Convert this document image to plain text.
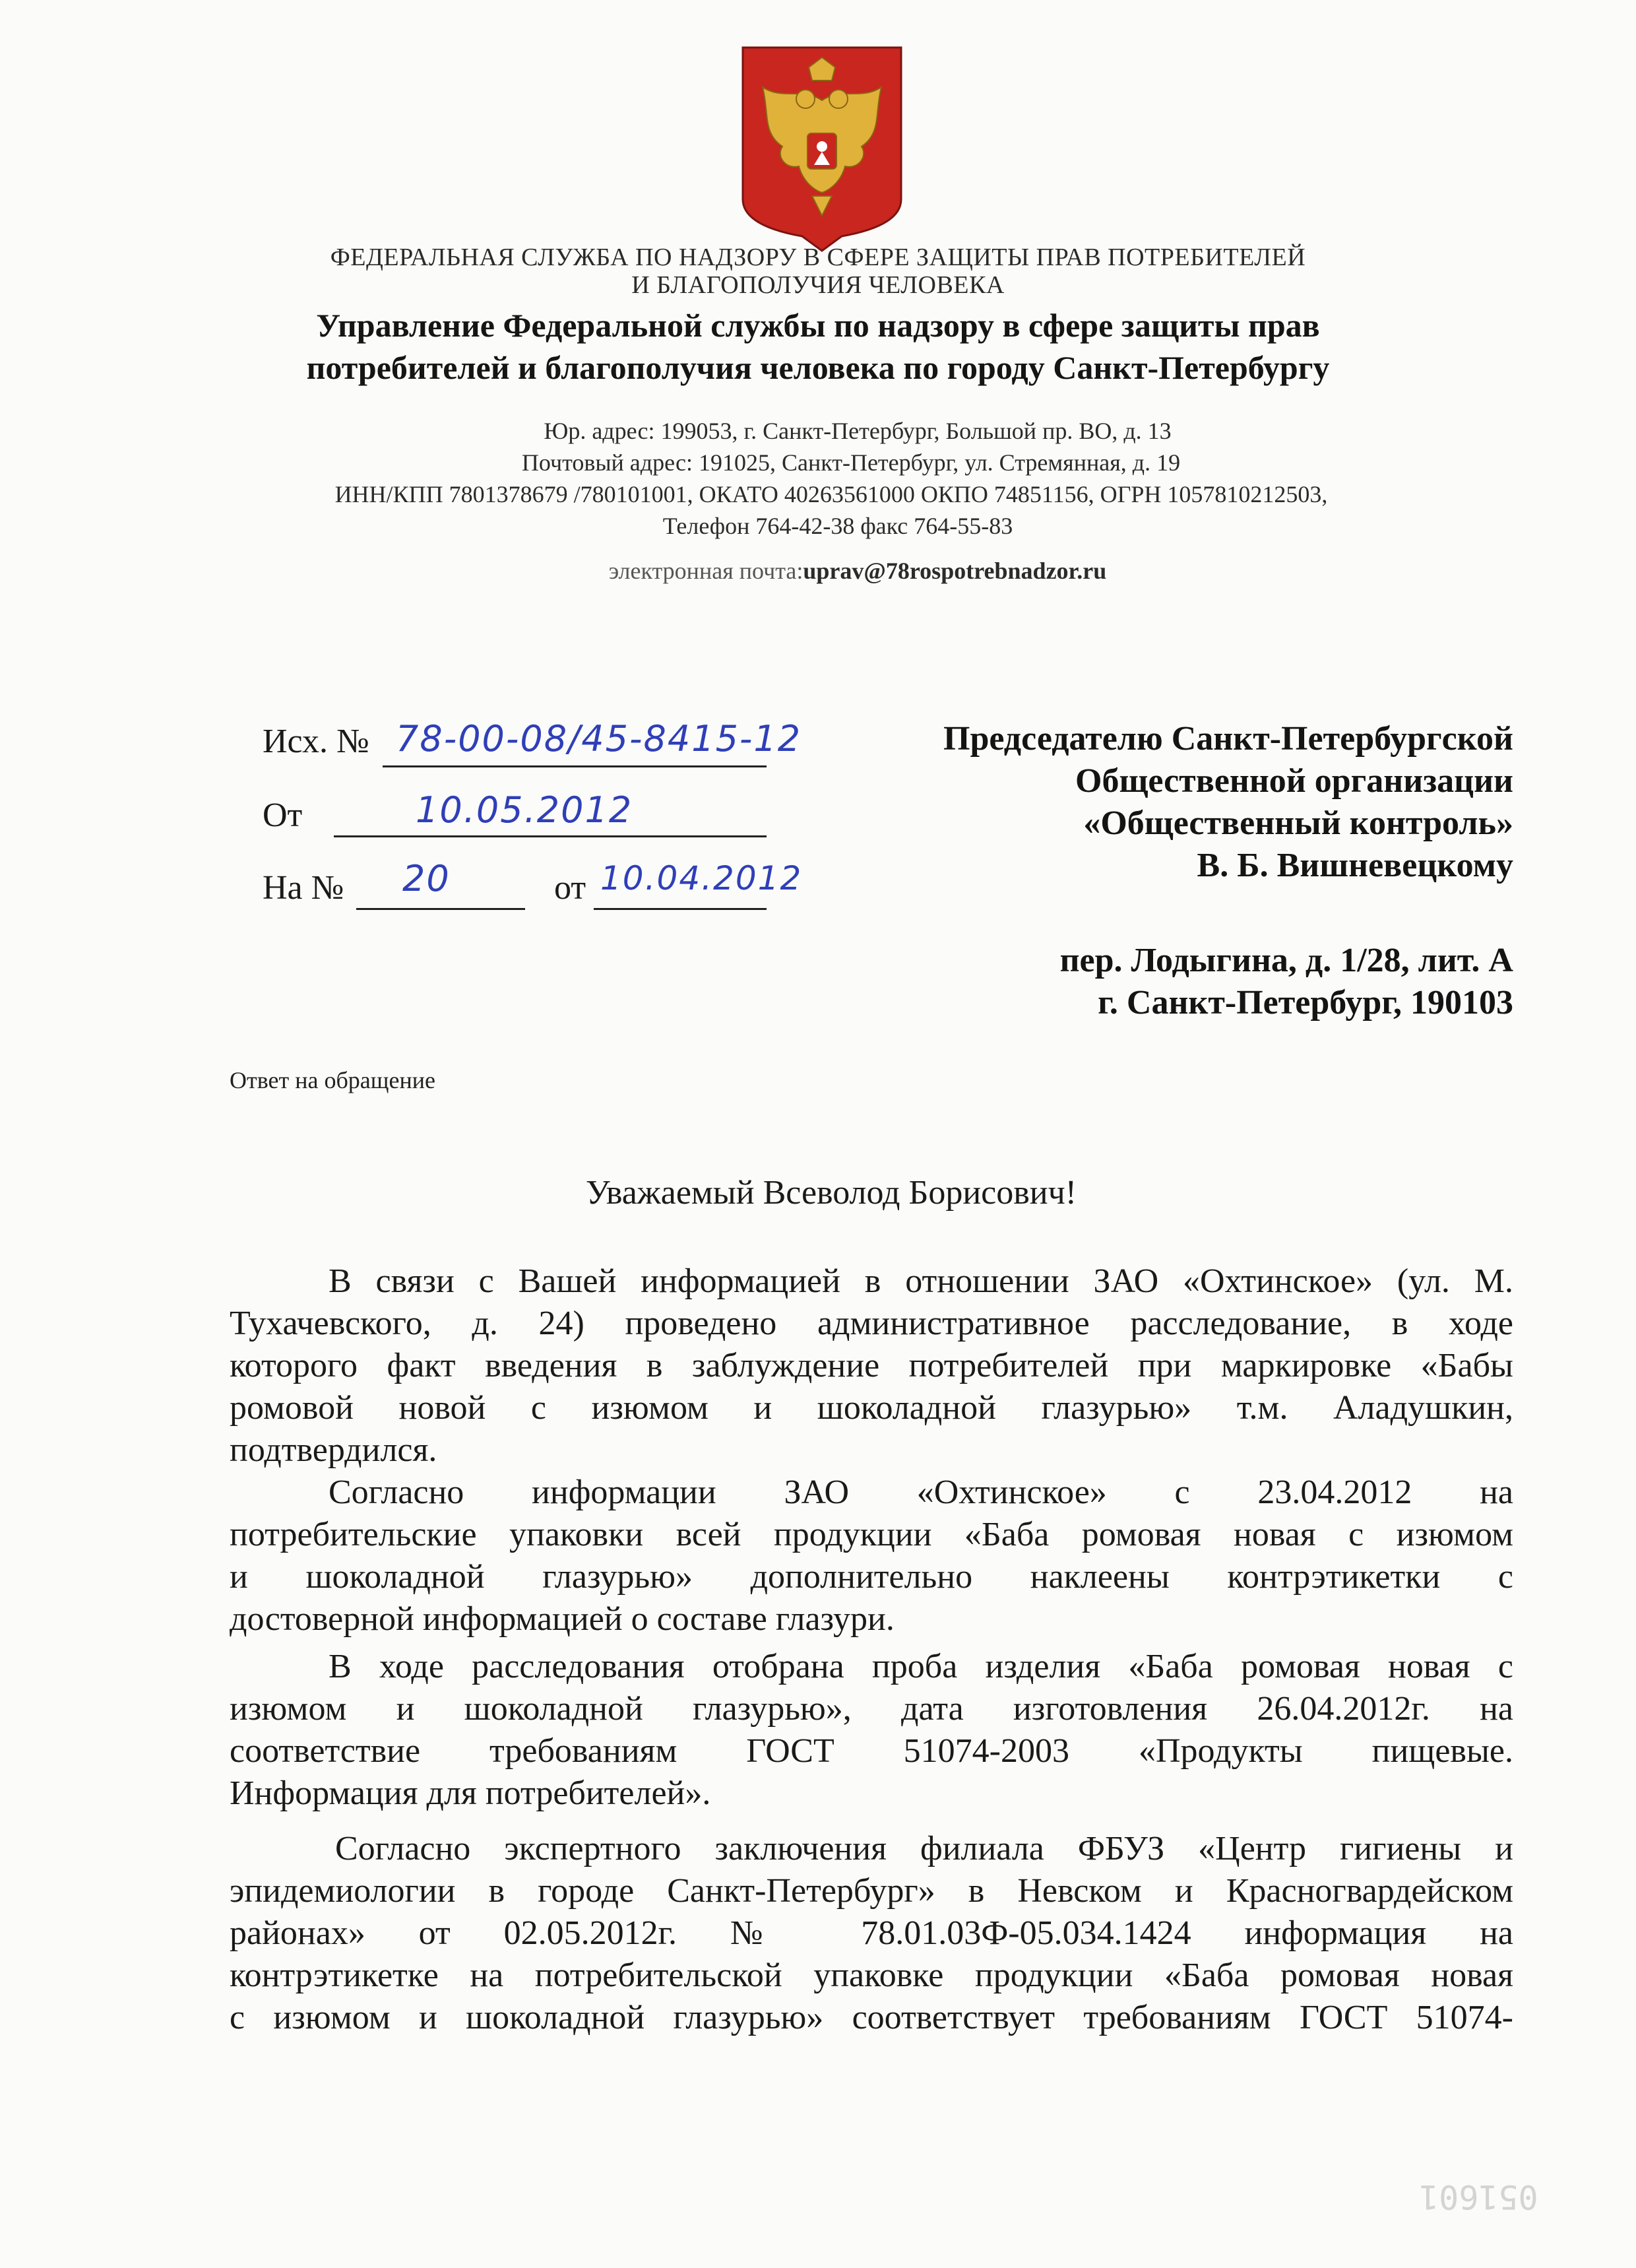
ФЕДЕРАЛЬНАЯ СЛУЖБА ПО НАДЗОРУ В СФЕРЕ ЗАЩИТЫ ПРАВ ПОТРЕБИТЕЛЕЙ
И БЛАГОПОЛУЧИЯ ЧЕЛОВЕКА
Управление Федеральной службы по надзору в сфере защиты прав
потребителей и благополучия человека по городу Санкт-Петербургу
Юр. адрес: 199053, г. Санкт-Петербург, Большой пр. ВО, д. 13
Почтовый адрес: 191025, Санкт-Петербург, ул. Стремянная, д. 19
ИНН/КПП 7801378679 /780101001, ОКАТО 40263561000 ОКПО 74851156, ОГРН 1057810212503,
Телефон 764-42-38 факс 764-55-83
электронная почта:uprav@78rospotrebnadzor.ru
Исх. № 78-00-08/45-8415-12
От	10.05.2012
На № 20	от 10.04.2012
Председателю Санкт-Петербургской
Общественной организации
«Общественный контроль»
В. Б. Вишневецкому
пер. Лодыгина, д. 1/28, лит. А
г. Санкт-Петербург, 190103
Ответ на обращение
Уважаемый Всеволод Борисович!
В связи с Вашей информацией в отношении ЗАО «Охтинское» (ул. М.
Тухачевского, д. 24) проведено административное расследование, в ходе
которого факт введения в заблуждение потребителей при маркировке «Бабы
ромовой новой с изюмом и шоколадной глазурью» т.м. Аладушкин,
подтвердился.
Согласно информации ЗАО «Охтинское» с 23.04.2012 на
потребительские упаковки всей продукции «Баба ромовая новая с изюмом
и шоколадной глазурью» дополнительно наклеены контрэтикетки с
достоверной информацией о составе глазури.
В ходе расследования отобрана проба изделия «Баба ромовая новая с
изюмом и шоколадной глазурью», дата изготовления 26.04.2012г. на
соответствие требованиям ГОСТ 51074-2003 «Продукты пищевые.
Информация для потребителей».
Согласно экспертного заключения филиала ФБУЗ «Центр гигиены и
эпидемиологии в городе Санкт-Петербург» в Невском и Красногвардейском
районах» от 02.05.2012г. № 78.01.03Ф-05.034.1424 информация на
контрэтикетке на потребительской упаковке продукции «Баба ромовая новая
с изюмом и шоколадной глазурью» соответствует требованиям ГОСТ 51074-
051601
